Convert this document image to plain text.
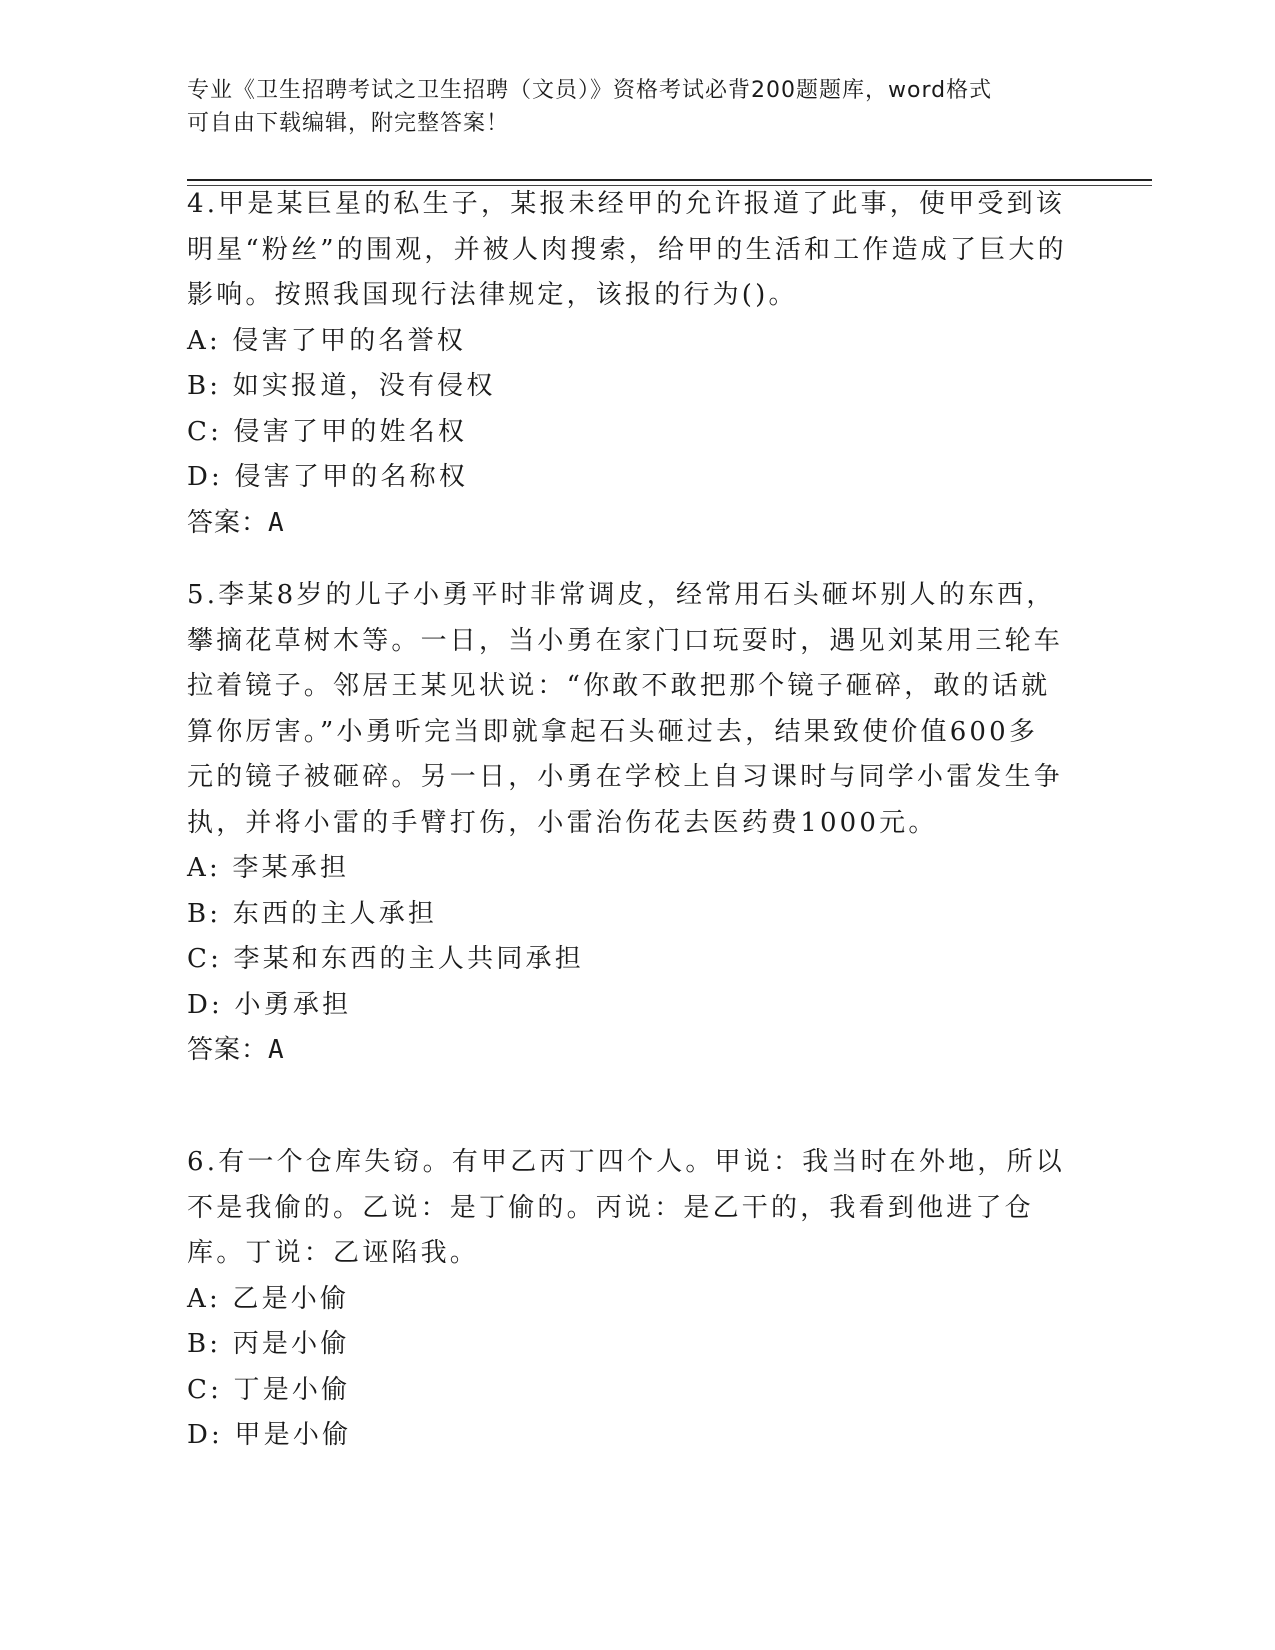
专业《卫生招聘考试之卫生招聘（文员）》资格考试必背200题题库，word格式
可自由下载编辑，附完整答案！

4.甲是某巨星的私生子，某报未经甲的允许报道了此事，使甲受到该明星“粉丝”的围观，并被人肉搜索，给甲的生活和工作造成了巨大的影响。按照我国现行法律规定，该报的行为()。

A: 侵害了甲的名誉权

B: 如实报道，没有侵权

C: 侵害了甲的姓名权

D: 侵害了甲的名称权

答案：A

5.李某8岁的儿子小勇平时非常调皮，经常用石头砸坏别人的东西，攀摘花草树木等。一日，当小勇在家门口玩耍时，遇见刘某用三轮车拉着镜子。邻居王某见状说：“你敢不敢把那个镜子砸碎，敢的话就算你厉害。”小勇听完当即就拿起石头砸过去，结果致使价值600多元的镜子被砸碎。另一日，小勇在学校上自习课时与同学小雷发生争执，并将小雷的手臂打伤，小雷治伤花去医药费1000元。

A: 李某承担

B: 东西的主人承担

C: 李某和东西的主人共同承担

D: 小勇承担

答案：A

6.有一个仓库失窃。有甲乙丙丁四个人。甲说：我当时在外地，所以不是我偷的。乙说：是丁偷的。丙说：是乙干的，我看到他进了仓库。丁说：乙诬陷我。

A: 乙是小偷

B: 丙是小偷

C: 丁是小偷

D: 甲是小偷
